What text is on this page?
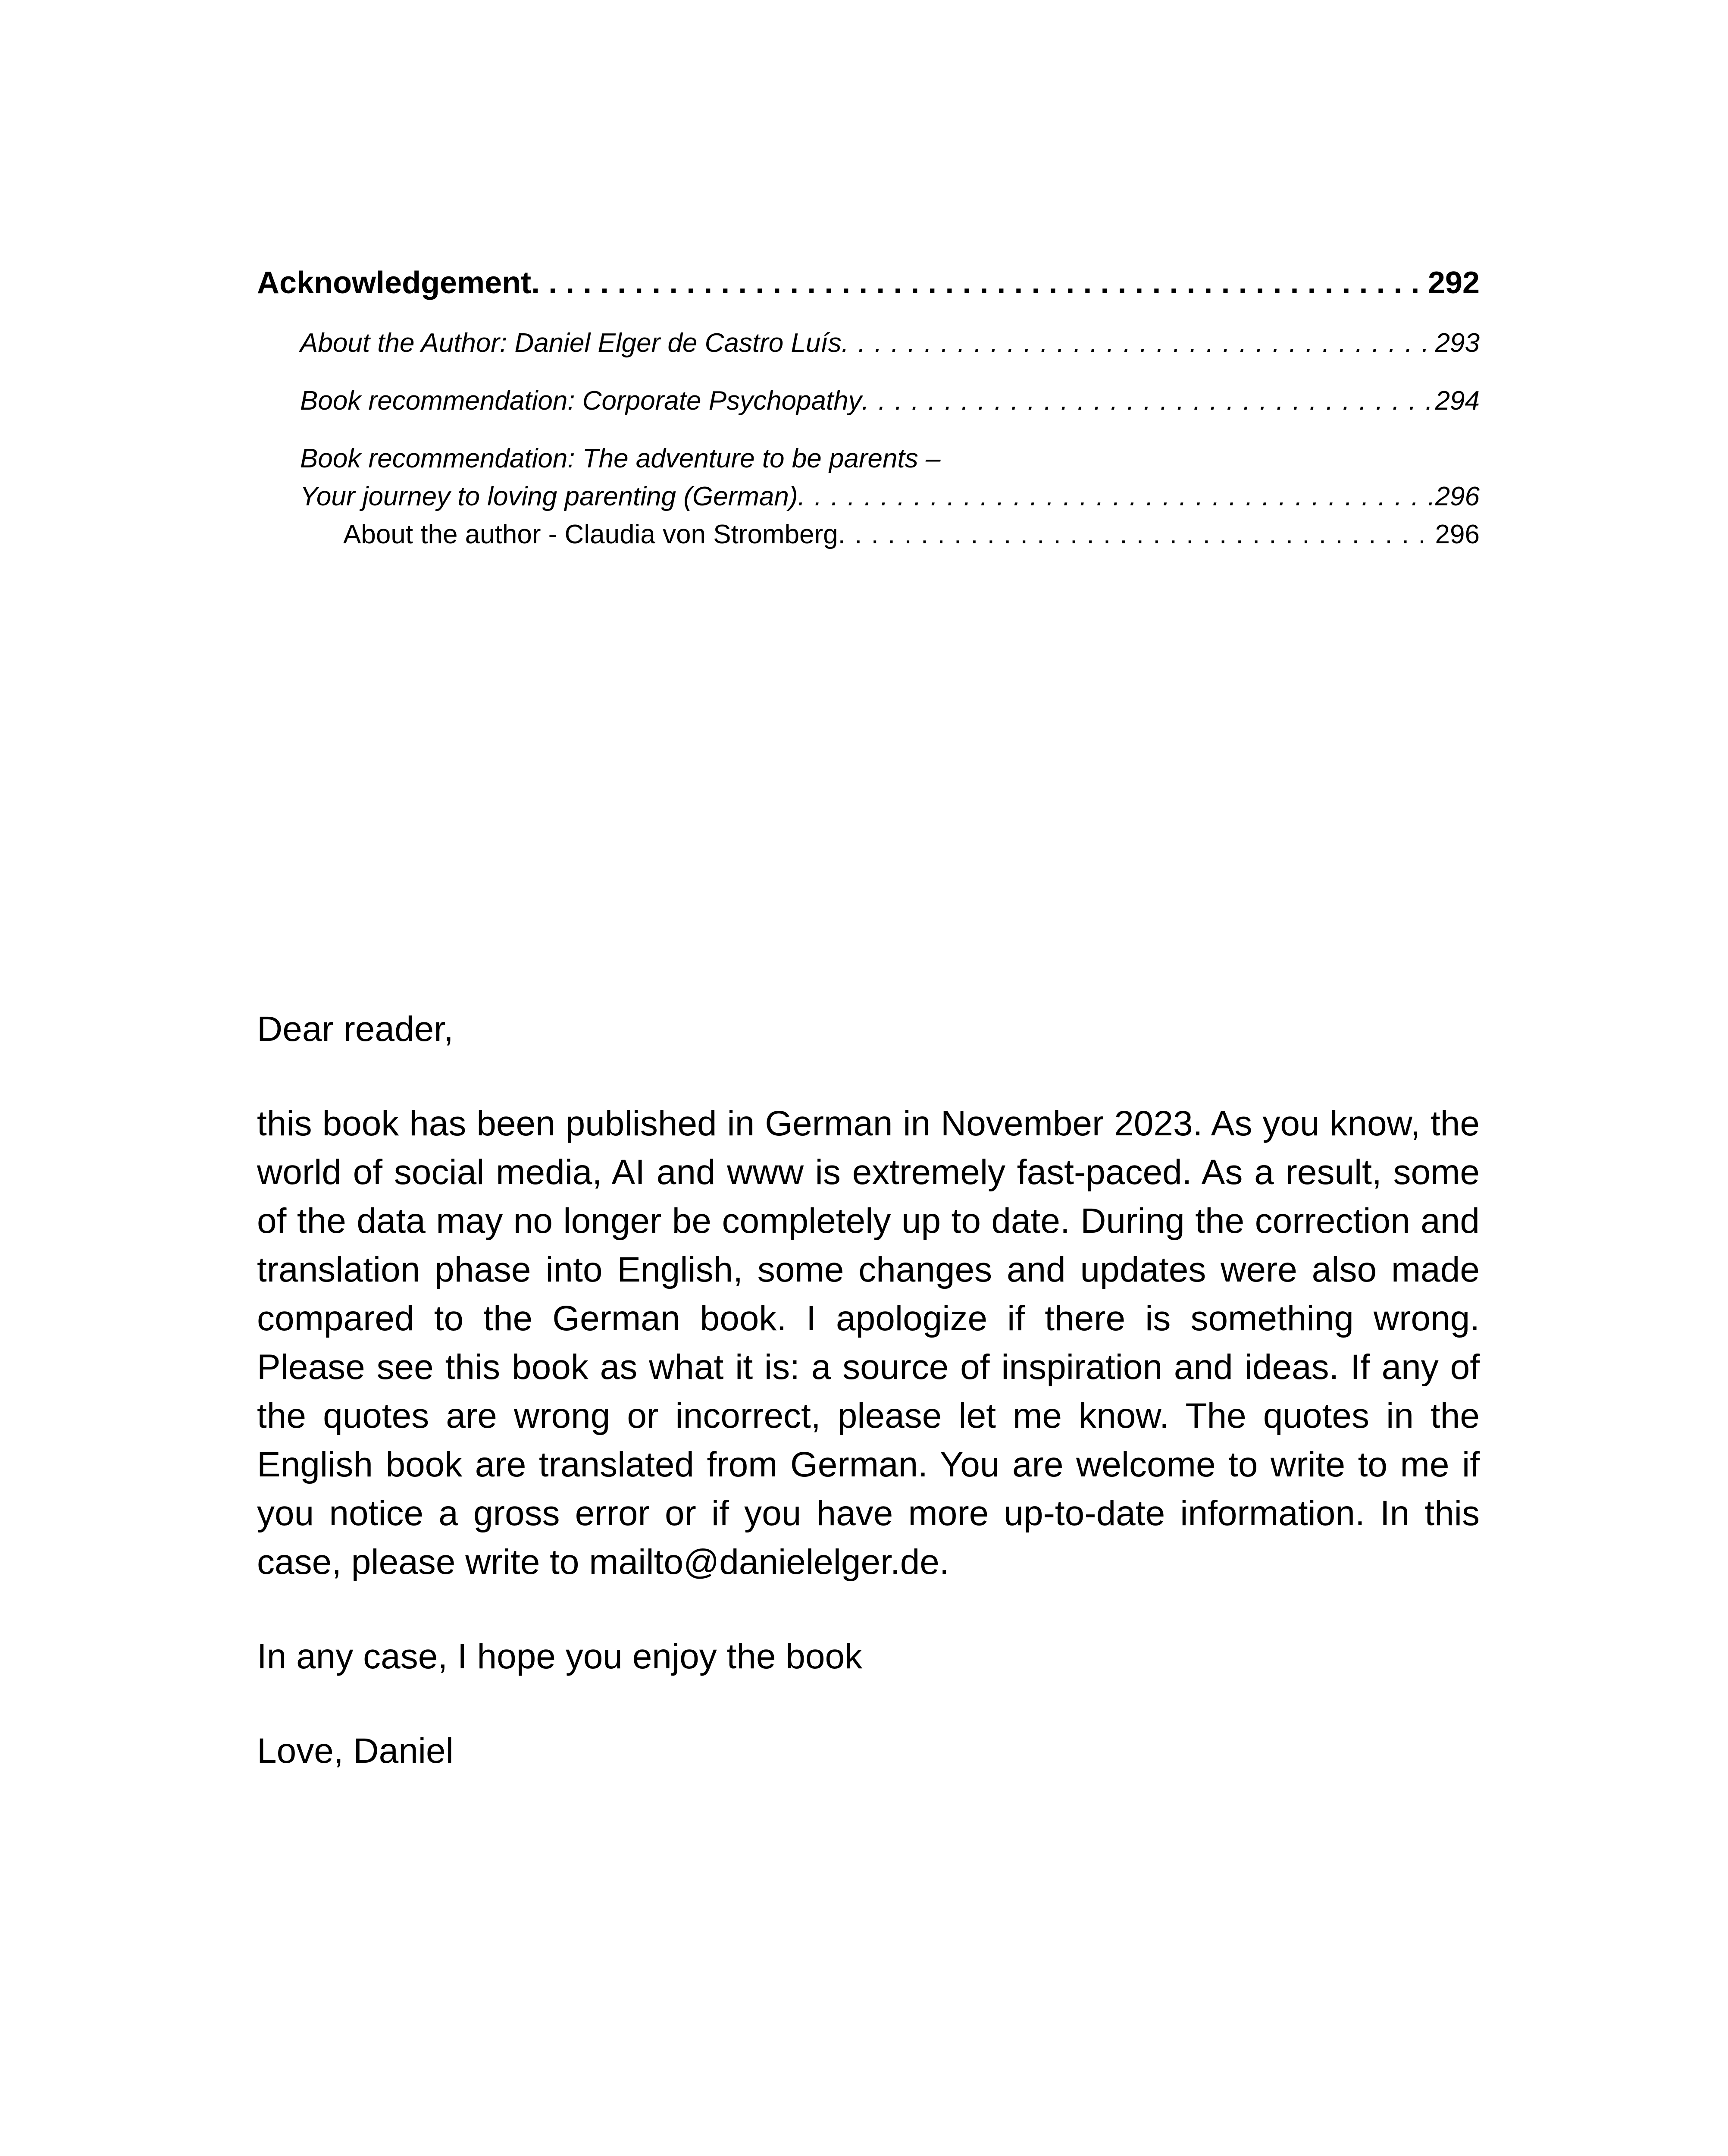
Acknowledgement . . .	292
About the Author: Daniel Elger de Castro Luís . . .	293
Book recommendation: Corporate Psychopathy . . .	294
Book recommendation: The adventure to be parents –
Your journey to loving parenting (German) . . .	296
About the author - Claudia von Stromberg . . .	296

Dear reader,

this book has been published in German in November 2023. As you know, the world of social media, AI and www is extremely fast-paced. As a result, some of the data may no longer be completely up to date. During the correction and translation phase into English, some changes and updates were also made compared to the German book. I apologize if there is something wrong. Please see this book as what it is: a source of inspiration and ideas. If any of the quotes are wrong or incorrect, please let me know. The quotes in the English book are translated from German. You are welcome to write to me if you notice a gross error or if you have more up-to-date information. In this case, please write to mailto@danielelger.de.

In any case, I hope you enjoy the book

Love, Daniel
